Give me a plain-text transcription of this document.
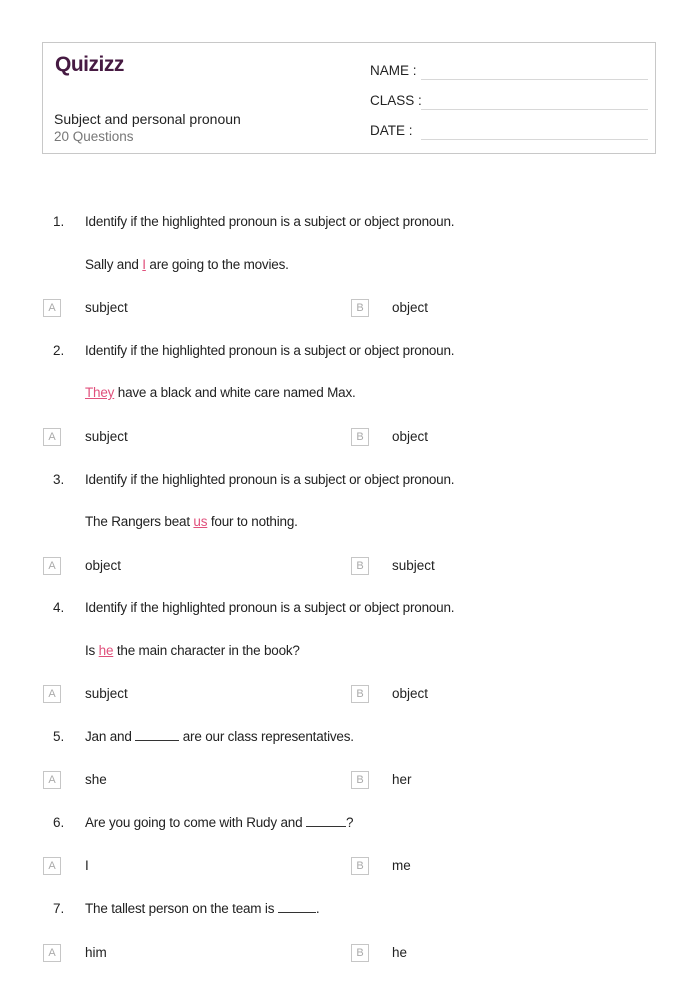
Quizizz
Subject and personal pronoun
20 Questions
NAME :
CLASS :
DATE :
1. Identify if the highlighted pronoun is a subject or object pronoun.
Sally and I are going to the movies.
A	subject	B	object
2. Identify if the highlighted pronoun is a subject or object pronoun.
They have a black and white care named Max.
A	subject	B	object
3. Identify if the highlighted pronoun is a subject or object pronoun.
The Rangers beat us four to nothing.
A	object	B	subject
4. Identify if the highlighted pronoun is a subject or object pronoun.
Is he the main character in the book?
A	subject	B	object
5. Jan and	are our class representatives.
A	she	B	her
6. Are you going to come with Rudy and	?
A	I	B	me
7. The tallest person on the team is	.
A	him	B	he
